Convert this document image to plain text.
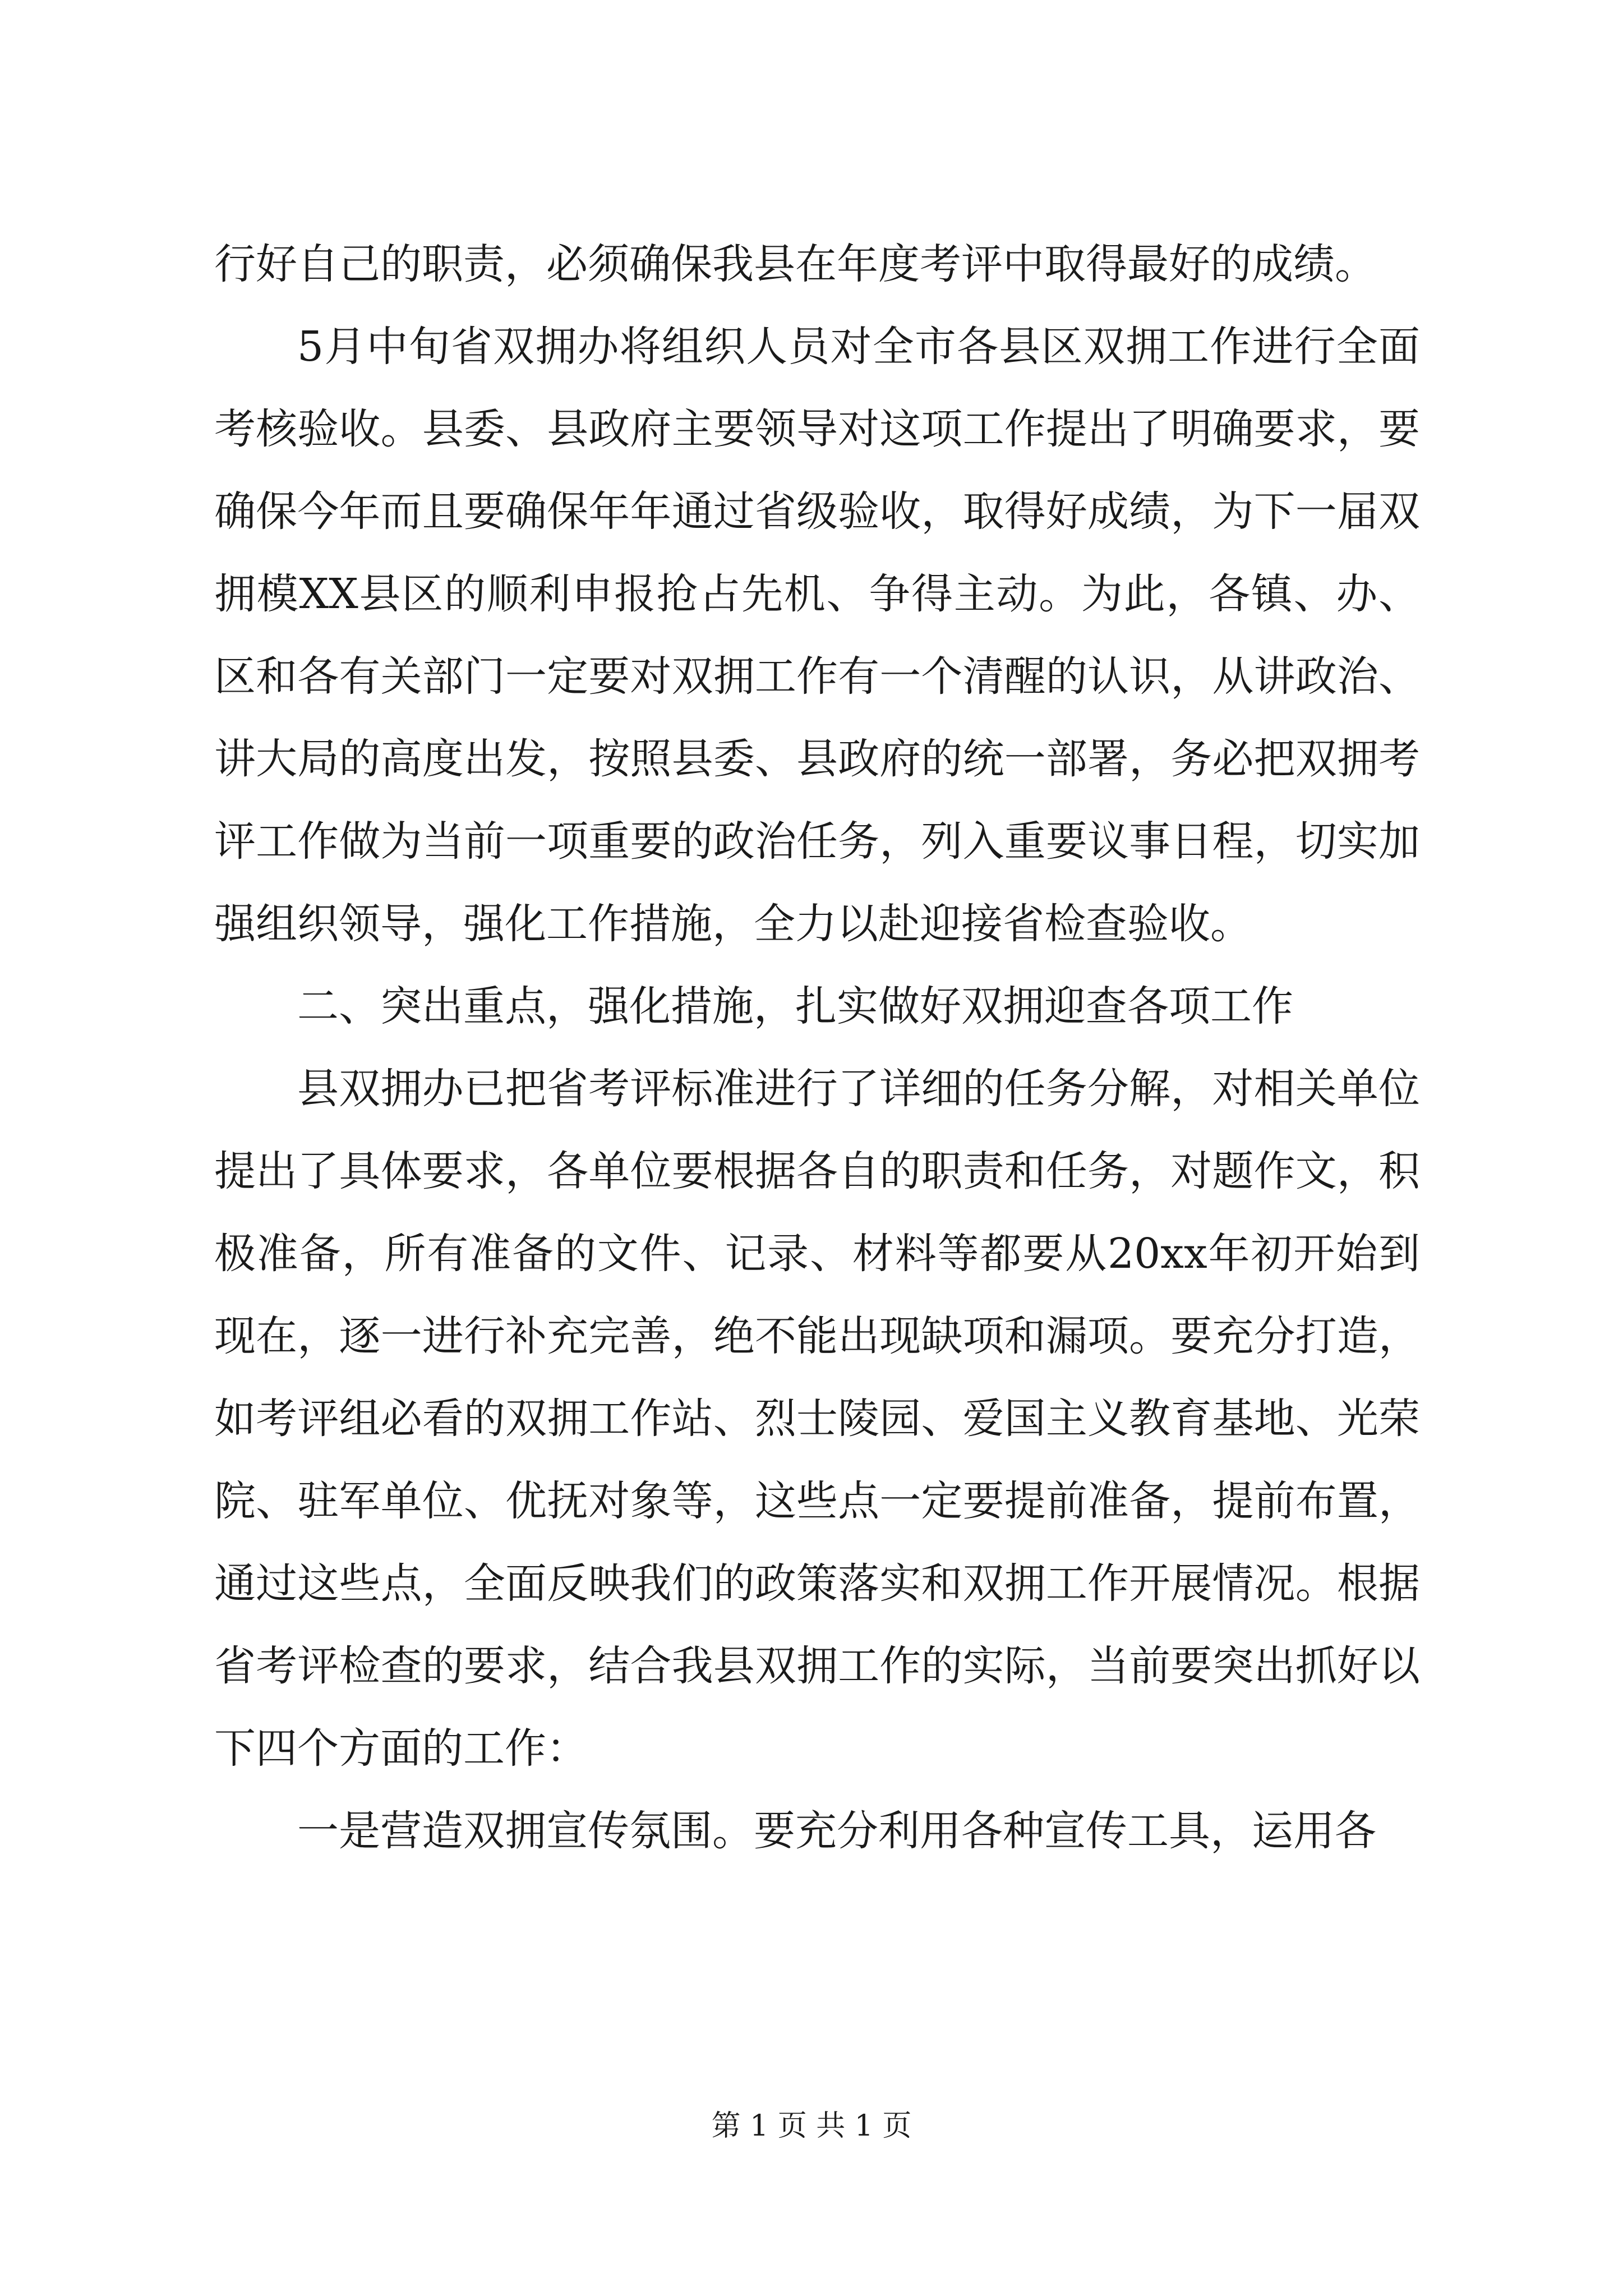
行好自己的职责，必须确保我县在年度考评中取得最好的成绩。

5月中旬省双拥办将组织人员对全市各县区双拥工作进行全面考核验收。县委、县政府主要领导对这项工作提出了明确要求，要确保今年而且要确保年年通过省级验收，取得好成绩，为下一届双拥模XX县区的顺利申报抢占先机、争得主动。为此，各镇、办、区和各有关部门一定要对双拥工作有一个清醒的认识，从讲政治、讲大局的高度出发，按照县委、县政府的统一部署，务必把双拥考评工作做为当前一项重要的政治任务，列入重要议事日程，切实加强组织领导，强化工作措施，全力以赴迎接省检查验收。

二、突出重点，强化措施，扎实做好双拥迎查各项工作

县双拥办已把省考评标准进行了详细的任务分解，对相关单位提出了具体要求，各单位要根据各自的职责和任务，对题作文，积极准备，所有准备的文件、记录、材料等都要从20xx年初开始到现在，逐一进行补充完善，绝不能出现缺项和漏项。要充分打造，如考评组必看的双拥工作站、烈士陵园、爱国主义教育基地、光荣院、驻军单位、优抚对象等，这些点一定要提前准备，提前布置，通过这些点，全面反映我们的政策落实和双拥工作开展情况。根据省考评检查的要求，结合我县双拥工作的实际，当前要突出抓好以下四个方面的工作：

一是营造双拥宣传氛围。要充分利用各种宣传工具，运用各

第 1 页 共 1 页
